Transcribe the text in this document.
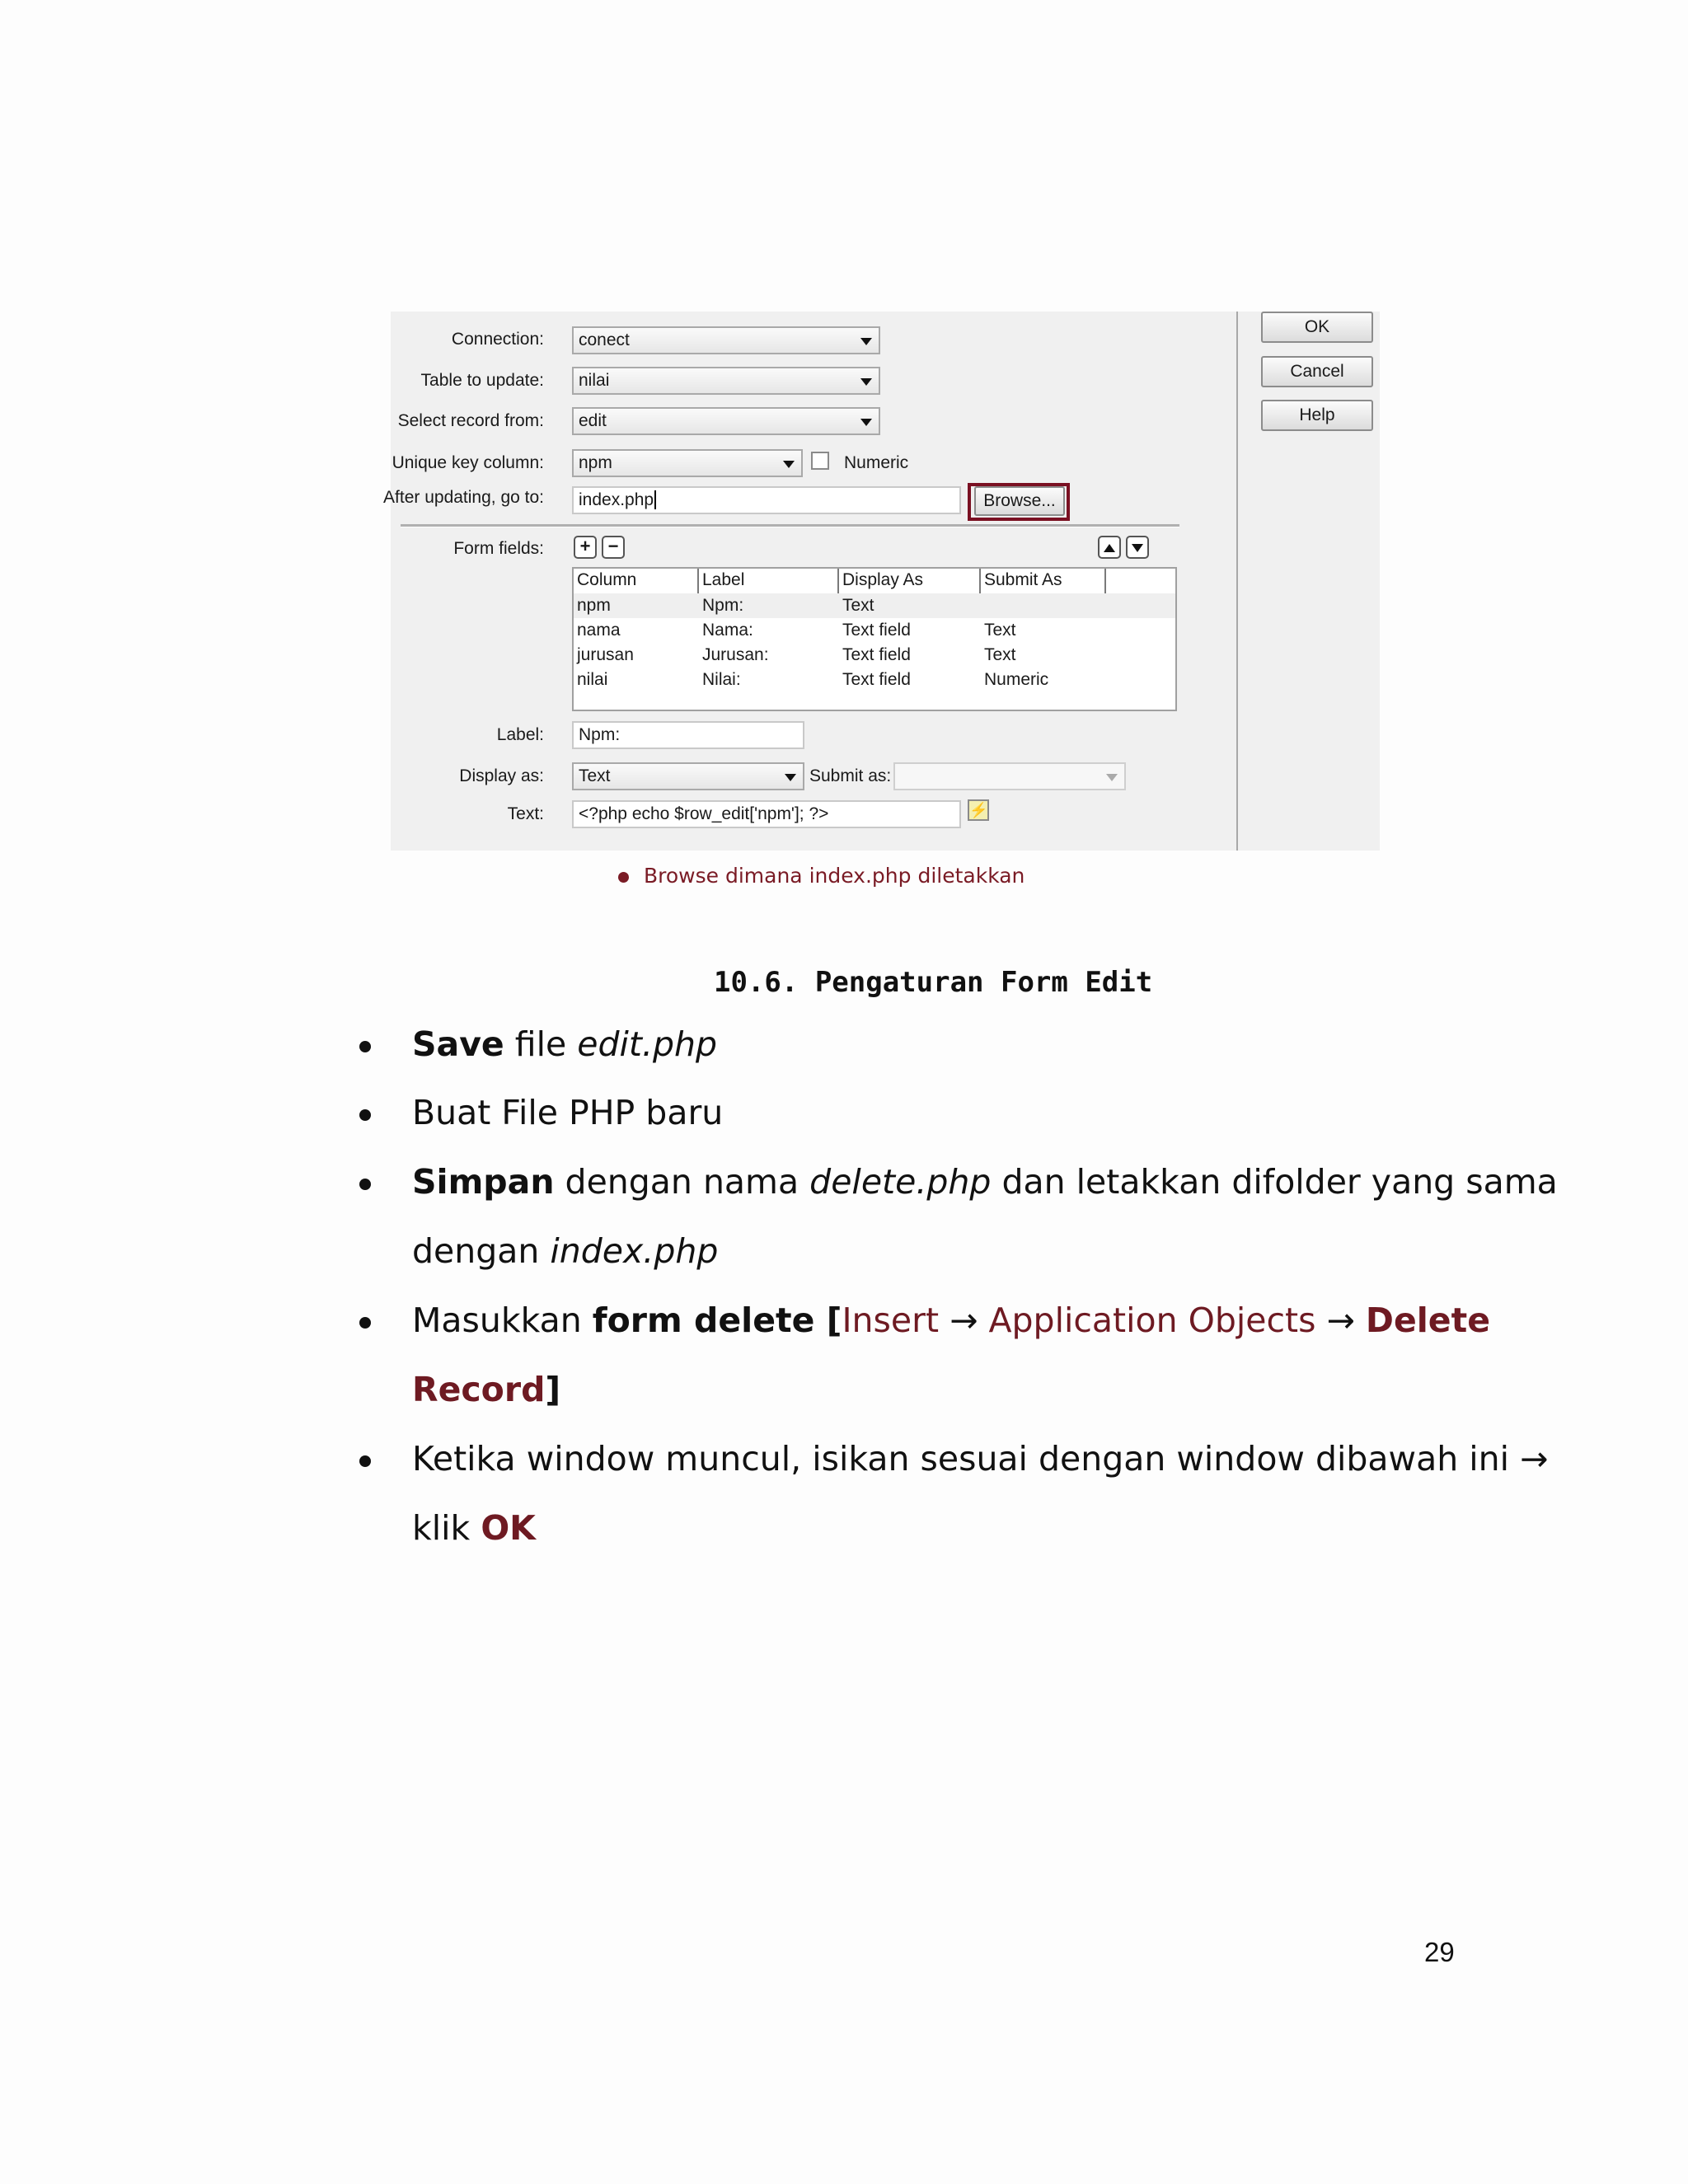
Connection:	conect
Table to update:	nilai
Select record from:	edit
Unique key column:	npm	Numeric
After updating, go to:	index.php	Browse...
OK
Cancel
Help
Form fields:	+ −
Column	Label	Display As	Submit As
npm	Npm:	Text
nama	Nama:	Text field	Text
jurusan	Jurusan:	Text field	Text
nilai	Nilai:	Text field	Numeric
Label:	Npm:
Display as:	Text	Submit as:
Text:	<?php echo $row_edit['npm']; ?>	⚡
Browse dimana index.php diletakkan
10.6. Pengaturan Form Edit
Save file edit.php
Buat File PHP baru
Simpan dengan nama delete.php dan letakkan difolder yang sama
dengan index.php
Masukkan form delete [Insert → Application Objects → Delete
Record]
Ketika window muncul, isikan sesuai dengan window dibawah ini →
klik OK
29
